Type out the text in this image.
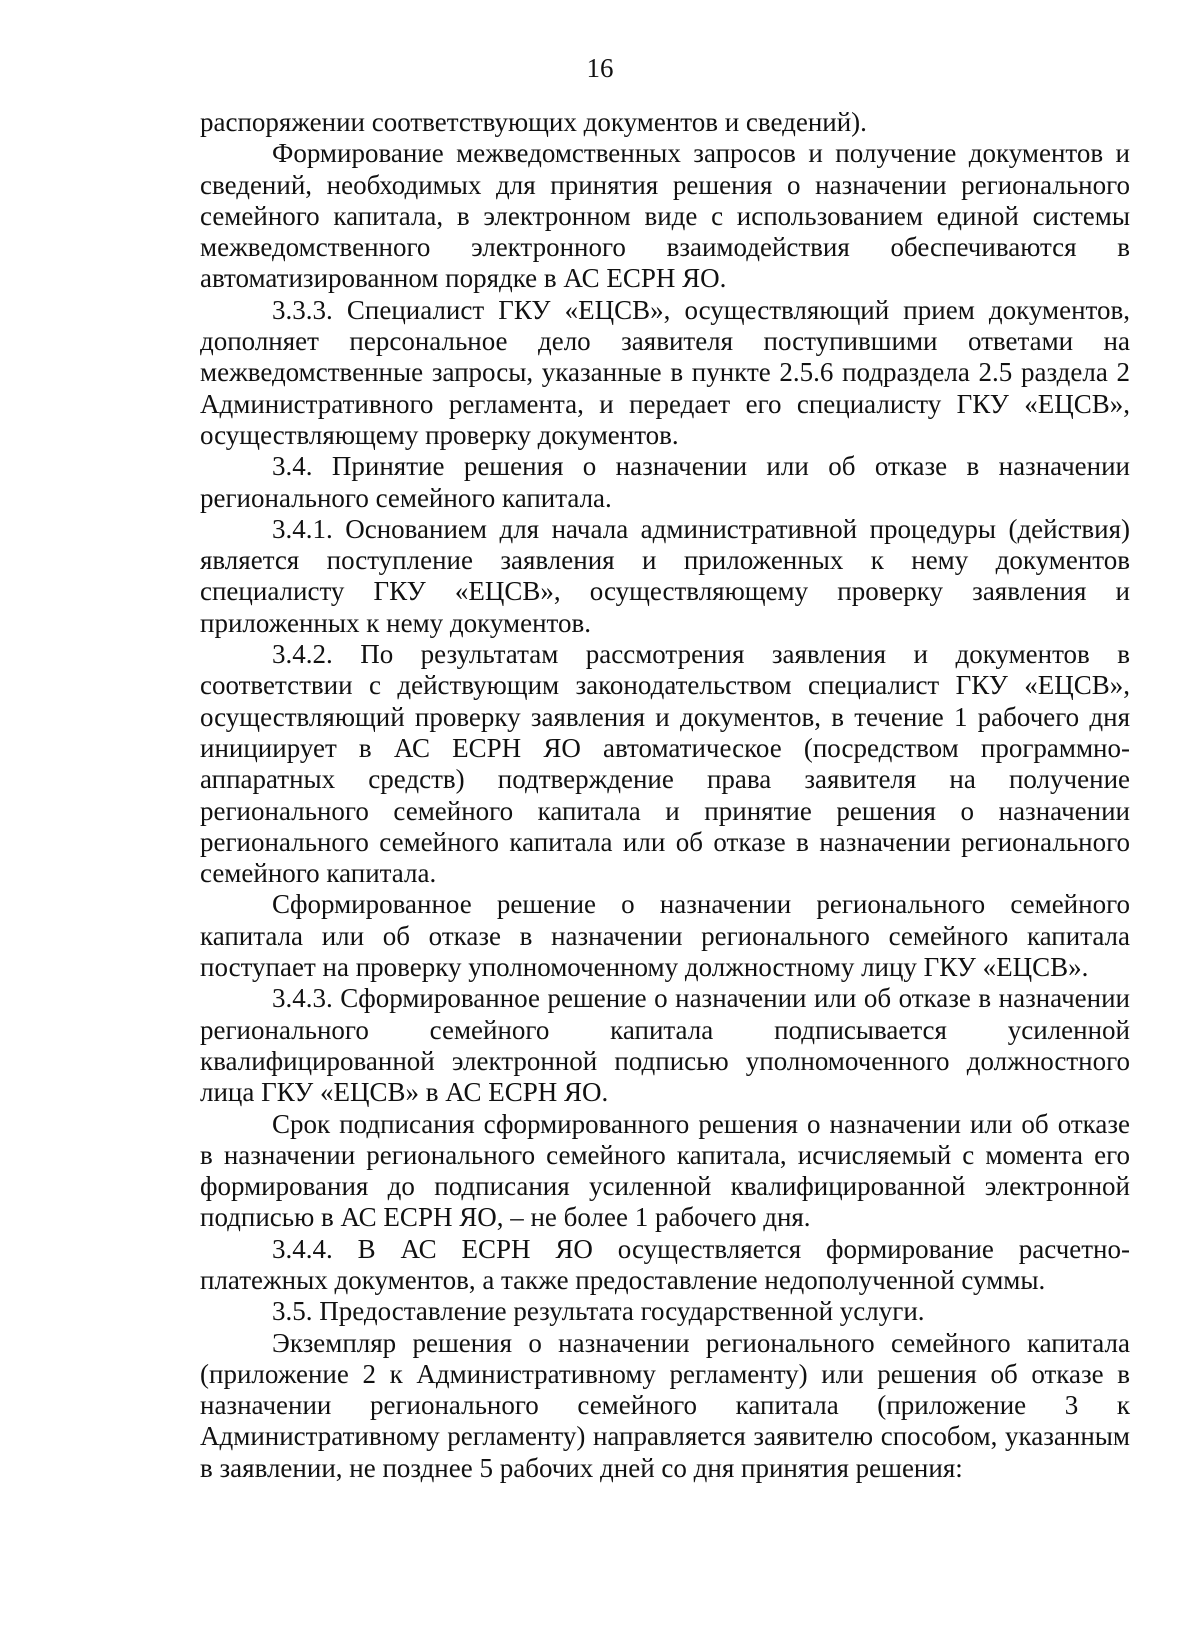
16

распоряжении соответствующих документов и сведений).

Формирование межведомственных запросов и получение документов и сведений, необходимых для принятия решения о назначении регионального семейного капитала, в электронном виде с использованием единой системы межведомственного электронного взаимодействия обеспечиваются в автоматизированном порядке в АС ЕСРН ЯО.

3.3.3. Специалист ГКУ «ЕЦСВ», осуществляющий прием документов, дополняет персональное дело заявителя поступившими ответами на межведомственные запросы, указанные в пункте 2.5.6 подраздела 2.5 раздела 2 Административного регламента, и передает его специалисту ГКУ «ЕЦСВ», осуществляющему проверку документов.

3.4. Принятие решения о назначении или об отказе в назначении регионального семейного капитала.

3.4.1. Основанием для начала административной процедуры (действия) является поступление заявления и приложенных к нему документов специалисту ГКУ «ЕЦСВ», осуществляющему проверку заявления и приложенных к нему документов.

3.4.2. По результатам рассмотрения заявления и документов в соответствии с действующим законодательством специалист ГКУ «ЕЦСВ», осуществляющий проверку заявления и документов, в течение 1 рабочего дня инициирует в АС ЕСРН ЯО автоматическое (посредством программно-аппаратных средств) подтверждение права заявителя на получение регионального семейного капитала и принятие решения о назначении регионального семейного капитала или об отказе в назначении регионального семейного капитала.

Сформированное решение о назначении регионального семейного капитала или об отказе в назначении регионального семейного капитала поступает на проверку уполномоченному должностному лицу ГКУ «ЕЦСВ».

3.4.3. Сформированное решение о назначении или об отказе в назначении регионального семейного капитала подписывается усиленной квалифицированной электронной подписью уполномоченного должностного лица ГКУ «ЕЦСВ» в АС ЕСРН ЯО.

Срок подписания сформированного решения о назначении или об отказе в назначении регионального семейного капитала, исчисляемый с момента его формирования до подписания усиленной квалифицированной электронной подписью в АС ЕСРН ЯО, – не более 1 рабочего дня.

3.4.4. В АС ЕСРН ЯО осуществляется формирование расчетно-платежных документов, а также предоставление недополученной суммы.

3.5. Предоставление результата государственной услуги.

Экземпляр решения о назначении регионального семейного капитала (приложение 2 к Административному регламенту) или решения об отказе в назначении регионального семейного капитала (приложение 3 к Административному регламенту) направляется заявителю способом, указанным в заявлении, не позднее 5 рабочих дней со дня принятия решения:
